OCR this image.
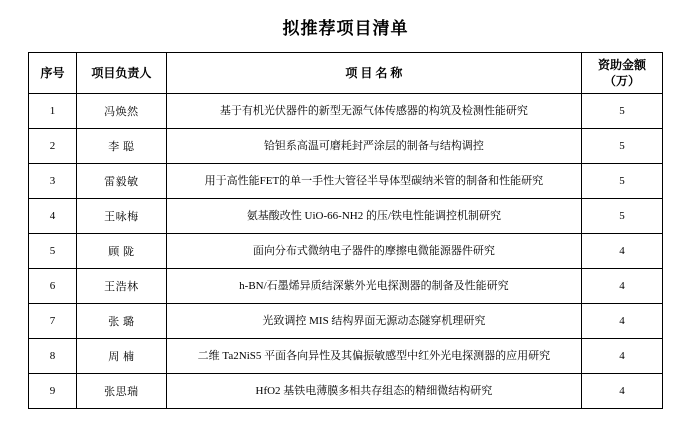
拟推荐项目清单
序号	项目负责人	项 目 名 称	资助金额
（万）

1	冯焕然	基于有机光伏器件的新型无源气体传感器的构筑及检测性能研究	5
2	李 聪	铪钽系高温可磨耗封严涂层的制备与结构调控	5
3	雷毅敏	用于高性能FET的单一手性大管径半导体型碳纳米管的制备和性能研究	5
4	王咏梅	氨基酸改性 UiO-66-NH2 的压/铁电性能调控机制研究	5
5	顾 陇	面向分布式微纳电子器件的摩擦电微能源器件研究	4
6	王浩林	h-BN/石墨烯异质结深紫外光电探测器的制备及性能研究	4
7	张 璐	光致调控 MIS 结构界面无源动态隧穿机理研究	4
8	周 楠	二维 Ta2NiS5 平面各向异性及其偏振敏感型中红外光电探测器的应用研究	4
9	张思瑞	HfO2 基铁电薄膜多相共存组态的精细微结构研究	4
